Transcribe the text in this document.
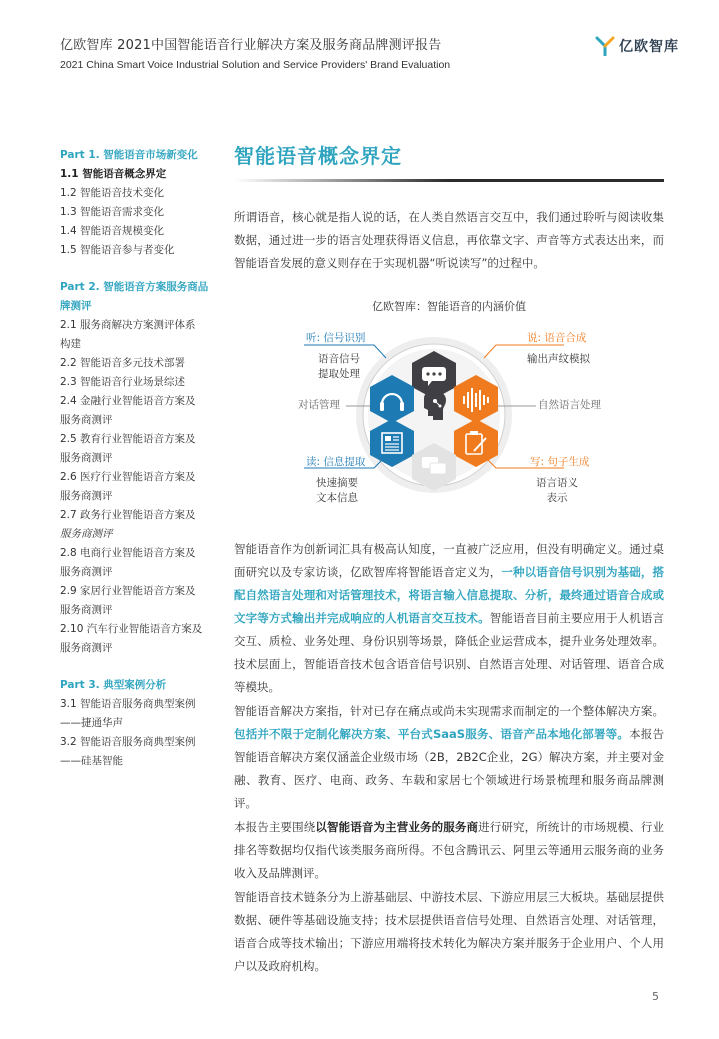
亿欧智库 2021中国智能语音行业解决方案及服务商品牌测评报告
2021 China Smart Voice Industrial Solution and Service Providers' Brand Evaluation
亿欧智库
Part 1. 智能语音市场新变化
1.1 智能语音概念界定
1.2 智能语音技术变化
1.3 智能语音需求变化
1.4 智能语音规模变化
1.5 智能语音参与者变化
Part 2. 智能语音方案服务商品
牌测评
2.1 服务商解决方案测评体系
构建
2.2 智能语音多元技术部署
2.3 智能语音行业场景综述
2.4 金融行业智能语音方案及
服务商测评
2.5 教育行业智能语音方案及
服务商测评
2.6 医疗行业智能语音方案及
服务商测评
2.7 政务行业智能语音方案及
服务商测评
2.8 电商行业智能语音方案及
服务商测评
2.9 家居行业智能语音方案及
服务商测评
2.10 汽车行业智能语音方案及
服务商测评
Part 3. 典型案例分析
3.1 智能语音服务商典型案例
——捷通华声
3.2 智能语音服务商典型案例
——硅基智能
智能语音概念界定

所谓语音，核心就是指人说的话，在人类自然语言交互中，我们通过聆听与阅读收集数据，通过进一步的语言处理获得语义信息，再依靠文字、声音等方式表达出来，而智能语音发展的意义则存在于实现机器“听说读写”的过程中。

亿欧智库：智能语音的内涵价值
听: 信号识别
语音信号
提取处理
说: 语音合成
输出声纹模拟
对话管理	自然语言处理
读: 信息提取
快速摘要
文本信息
写: 句子生成
语言语义
表示

智能语音作为创新词汇具有极高认知度，一直被广泛应用，但没有明确定义。通过桌面研究以及专家访谈，亿欧智库将智能语音定义为，一种以语音信号识别为基础，搭配自然语言处理和对话管理技术，将语言输入信息提取、分析，最终通过语音合成或文字等方式输出并完成响应的人机语言交互技术。智能语音目前主要应用于人机语言交互、质检、业务处理、身份识别等场景，降低企业运营成本，提升业务处理效率。技术层面上，智能语音技术包含语音信号识别、自然语言处理、对话管理、语音合成等模块。

智能语音解决方案指，针对已存在痛点或尚未实现需求而制定的一个整体解决方案。包括并不限于定制化解决方案、平台式SaaS服务、语音产品本地化部署等。本报告智能语音解决方案仅涵盖企业级市场（2B，2B2C企业，2G）解决方案，并主要对金融、教育、医疗、电商、政务、车载和家居七个领域进行场景梳理和服务商品牌测评。

本报告主要围绕以智能语音为主营业务的服务商进行研究，所统计的市场规模、行业排名等数据均仅指代该类服务商所得。不包含腾讯云、阿里云等通用云服务商的业务收入及品牌测评。

智能语音技术链条分为上游基础层、中游技术层、下游应用层三大板块。基础层提供数据、硬件等基础设施支持；技术层提供语音信号处理、自然语言处理、对话管理，语音合成等技术输出；下游应用端将技术转化为解决方案并服务于企业用户、个人用户以及政府机构。

5
